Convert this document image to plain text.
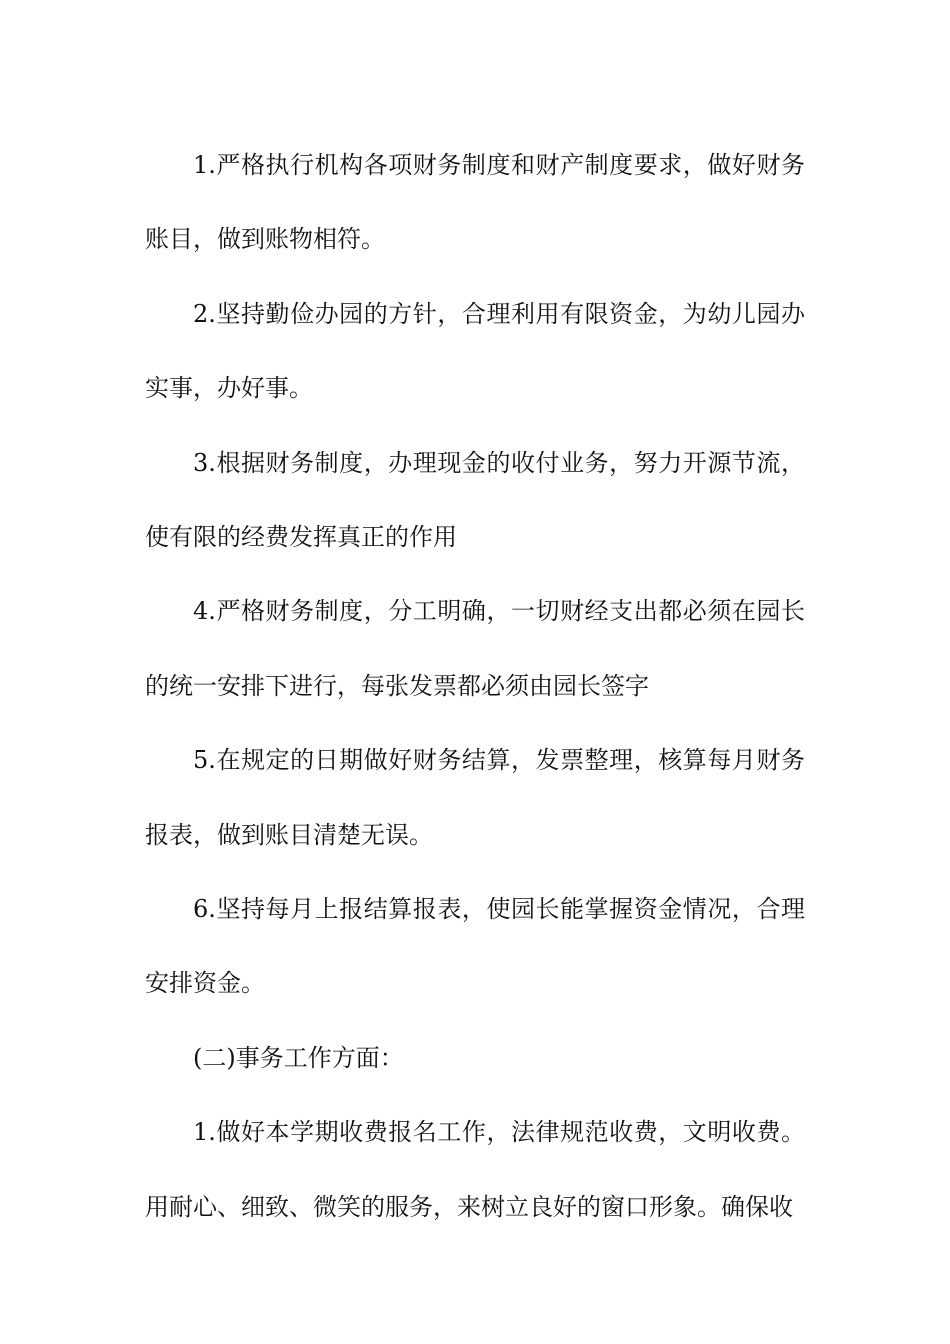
1.严格执行机构各项财务制度和财产制度要求，做好财务账目，做到账物相符。

2.坚持勤俭办园的方针，合理利用有限资金，为幼儿园办实事，办好事。

3.根据财务制度，办理现金的收付业务，努力开源节流，使有限的经费发挥真正的作用

4.严格财务制度，分工明确，一切财经支出都必须在园长的统一安排下进行，每张发票都必须由园长签字

5.在规定的日期做好财务结算，发票整理，核算每月财务报表，做到账目清楚无误。

6.坚持每月上报结算报表，使园长能掌握资金情况，合理安排资金。

(二)事务工作方面：

1.做好本学期收费报名工作，法律规范收费，文明收费。用耐心、细致、微笑的服务，来树立良好的窗口形象。确保收
